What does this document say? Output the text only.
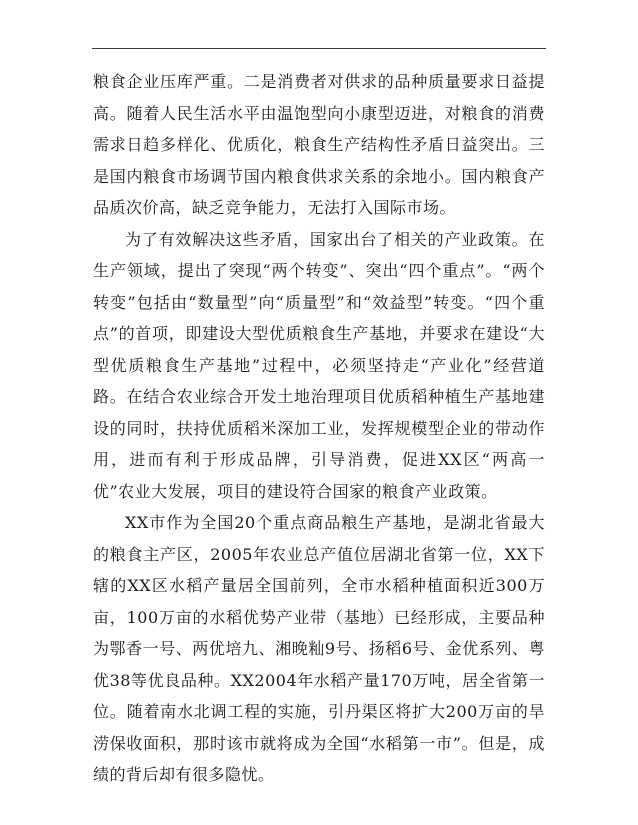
粮食企业压库严重。二是消费者对供求的品种质量要求日益提高。随着人民生活水平由温饱型向小康型迈进，对粮食的消费需求日趋多样化、优质化，粮食生产结构性矛盾日益突出。三是国内粮食市场调节国内粮食供求关系的余地小。国内粮食产品质次价高，缺乏竞争能力，无法打入国际市场。

为了有效解决这些矛盾，国家出台了相关的产业政策。在生产领域，提出了突现“两个转变”、突出“四个重点”。“两个转变”包括由“数量型”向“质量型”和“效益型”转变。“四个重点”的首项，即建设大型优质粮食生产基地，并要求在建设“大型优质粮食生产基地”过程中，必须坚持走“产业化”经营道路。在结合农业综合开发土地治理项目优质稻种植生产基地建设的同时，扶持优质稻米深加工业，发挥规模型企业的带动作用，进而有利于形成品牌，引导消费，促进XX区“两高一优”农业大发展，项目的建设符合国家的粮食产业政策。

XX市作为全国20个重点商品粮生产基地，是湖北省最大的粮食主产区，2005年农业总产值位居湖北省第一位，XX下辖的XX区水稻产量居全国前列，全市水稻种植面积近300万亩，100万亩的水稻优势产业带（基地）已经形成，主要品种为鄂香一号、两优培九、湘晚籼9号、扬稻6号、金优系列、粤优38等优良品种。XX2004年水稻产量170万吨，居全省第一位。随着南水北调工程的实施，引丹渠区将扩大200万亩的旱涝保收面积，那时该市就将成为全国“水稻第一市”。但是，成绩的背后却有很多隐忧。
